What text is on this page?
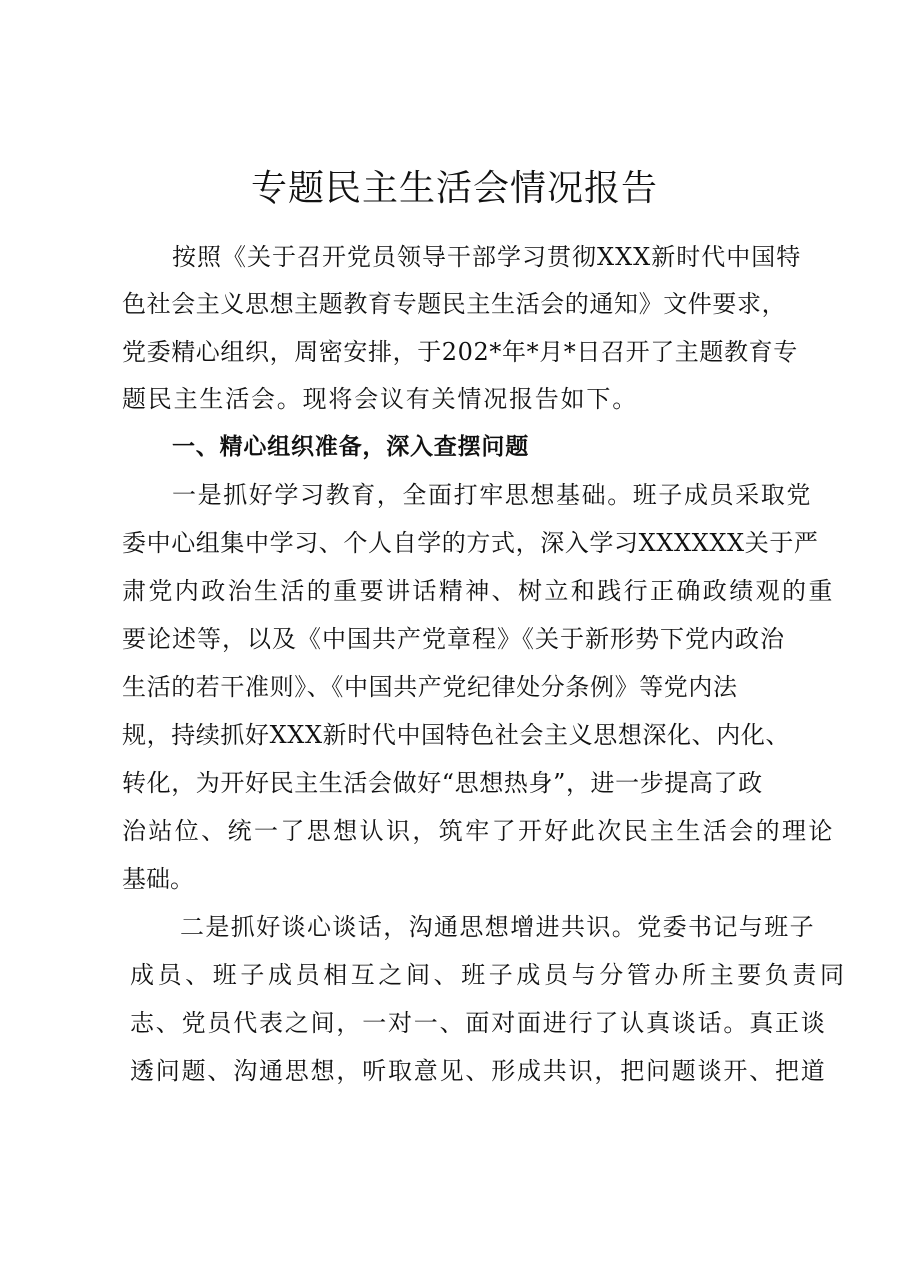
专题民主生活会情况报告

按照《关于召开党员领导干部学习贯彻XXX新时代中国特

色社会主义思想主题教育专题民主生活会的通知》文件要求，

党委精心组织，周密安排，于202*年*月*日召开了主题教育专

题民主生活会。现将会议有关情况报告如下。

一、精心组织准备，深入查摆问题

一是抓好学习教育，全面打牢思想基础。班子成员采取党

委中心组集中学习、个人自学的方式，深入学习XXXXXX关于严

肃党内政治生活的重要讲话精神、树立和践行正确政绩观的重

要论述等，以及《中国共产党章程》《关于新形势下党内政治

生活的若干准则》、《中国共产党纪律处分条例》等党内法

规，持续抓好XXX新时代中国特色社会主义思想深化、内化、

转化，为开好民主生活会做好“思想热身”，进一步提高了政

治站位、统一了思想认识，筑牢了开好此次民主生活会的理论

基础。

二是抓好谈心谈话，沟通思想增进共识。党委书记与班子

成员、班子成员相互之间、班子成员与分管办所主要负责同

志、党员代表之间，一对一、面对面进行了认真谈话。真正谈

透问题、沟通思想，听取意见、形成共识，把问题谈开、把道
